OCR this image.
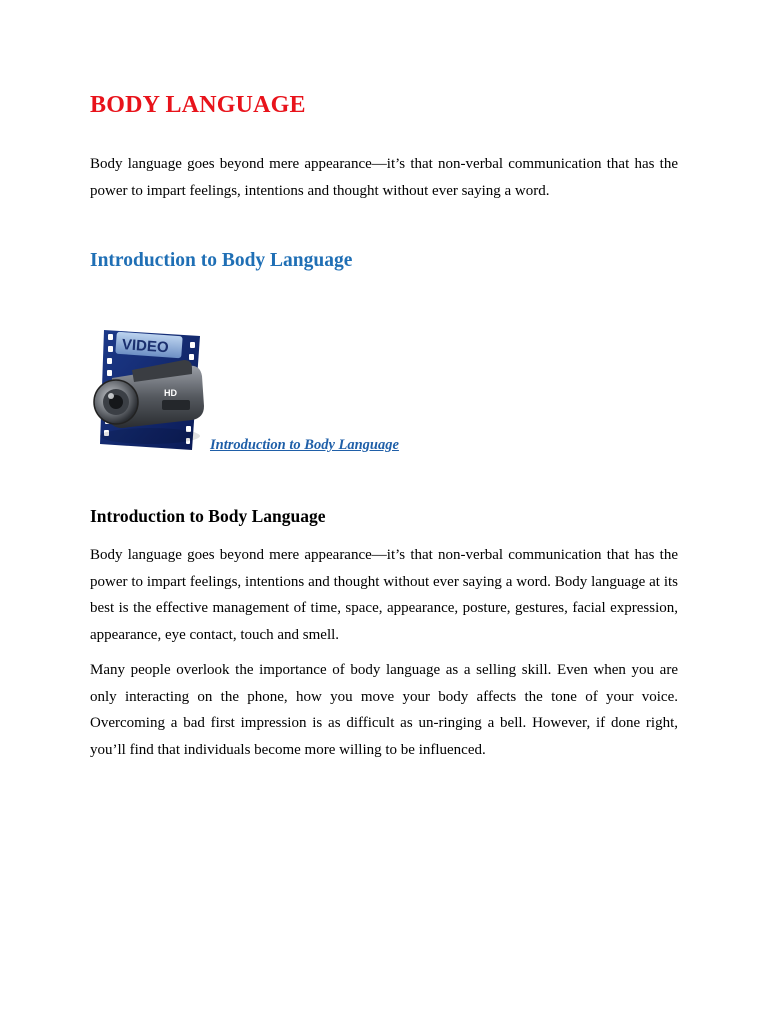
BODY LANGUAGE

Body language goes beyond mere appearance—it’s that non-verbal communication that has the power to impart feelings, intentions and thought without ever saying a word.

Introduction to Body Language
VIDEO
HD
Introduction to Body Language
Introduction to Body Language

Body language goes beyond mere appearance—it’s that non-verbal communication that has the power to impart feelings, intentions and thought without ever saying a word. Body language at its best is the effective management of time, space, appearance, posture, gestures, facial expression, appearance, eye contact, touch and smell.

Many people overlook the importance of body language as a selling skill. Even when you are only interacting on the phone, how you move your body affects the tone of your voice. Overcoming a bad first impression is as difficult as un-ringing a bell. However, if done right, you’ll find that individuals become more willing to be influenced.
